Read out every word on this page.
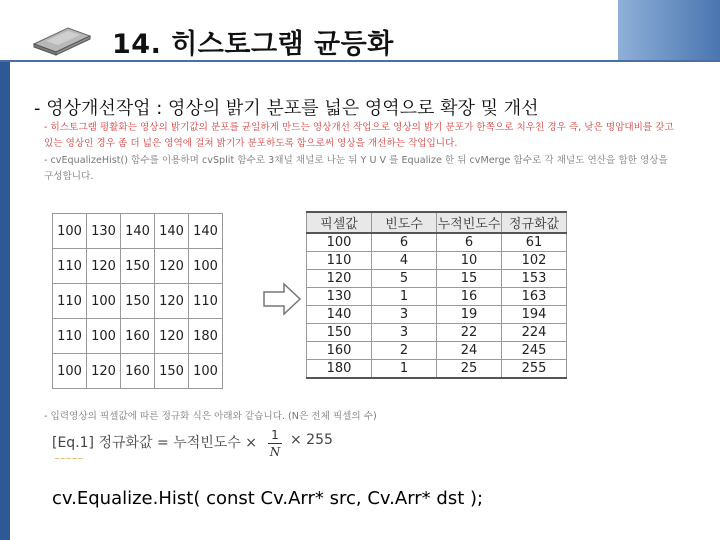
14. 히스토그램 균등화
- 영상개선작업 : 영상의 밝기 분포를 넓은 영역으로 확장 및 개선
- 히스토그램 평활화는 영상의 밝기값의 분포를 균일하게 만드는 영상개선 작업으로 영상의 밝기 분포가 한쪽으로 치우친 경우 즉, 낮은 명암대비를 갖고 있는 영상인 경우 좀 더 넓은 영역에 걸쳐 밝기가 분포하도록 함으로써 영상을 개선하는 작업입니다.
- cvEqualizeHist() 함수를 이용하며 cvSplit 함수로 3채널 채널로 나눈 뒤 Y U V 를 Equalize 한 뒤 cvMerge 함수로 각 채널도 연산을 합한 영상을 구성합니다.
100	130	140	140	140
110	120	150	120	100
110	100	150	120	110
110	100	160	120	180
100	120	160	150	100
픽셀값	빈도수	누적빈도수	정규화값
100	6	6	61
110	4	10	102
120	5	15	153
130	1	16	163
140	3	19	194
150	3	22	224
160	2	24	245
180	1	25	255
- 입력영상의 픽셀값에 따른 정규화 식은 아래와 같습니다. (N은 전체 픽셀의 수)
[Eq.1] 정규화값 = 누적빈도수 × 1
N
× 255
~~~~~
cv.Equalize.Hist( const Cv.Arr* src, Cv.Arr* dst );
